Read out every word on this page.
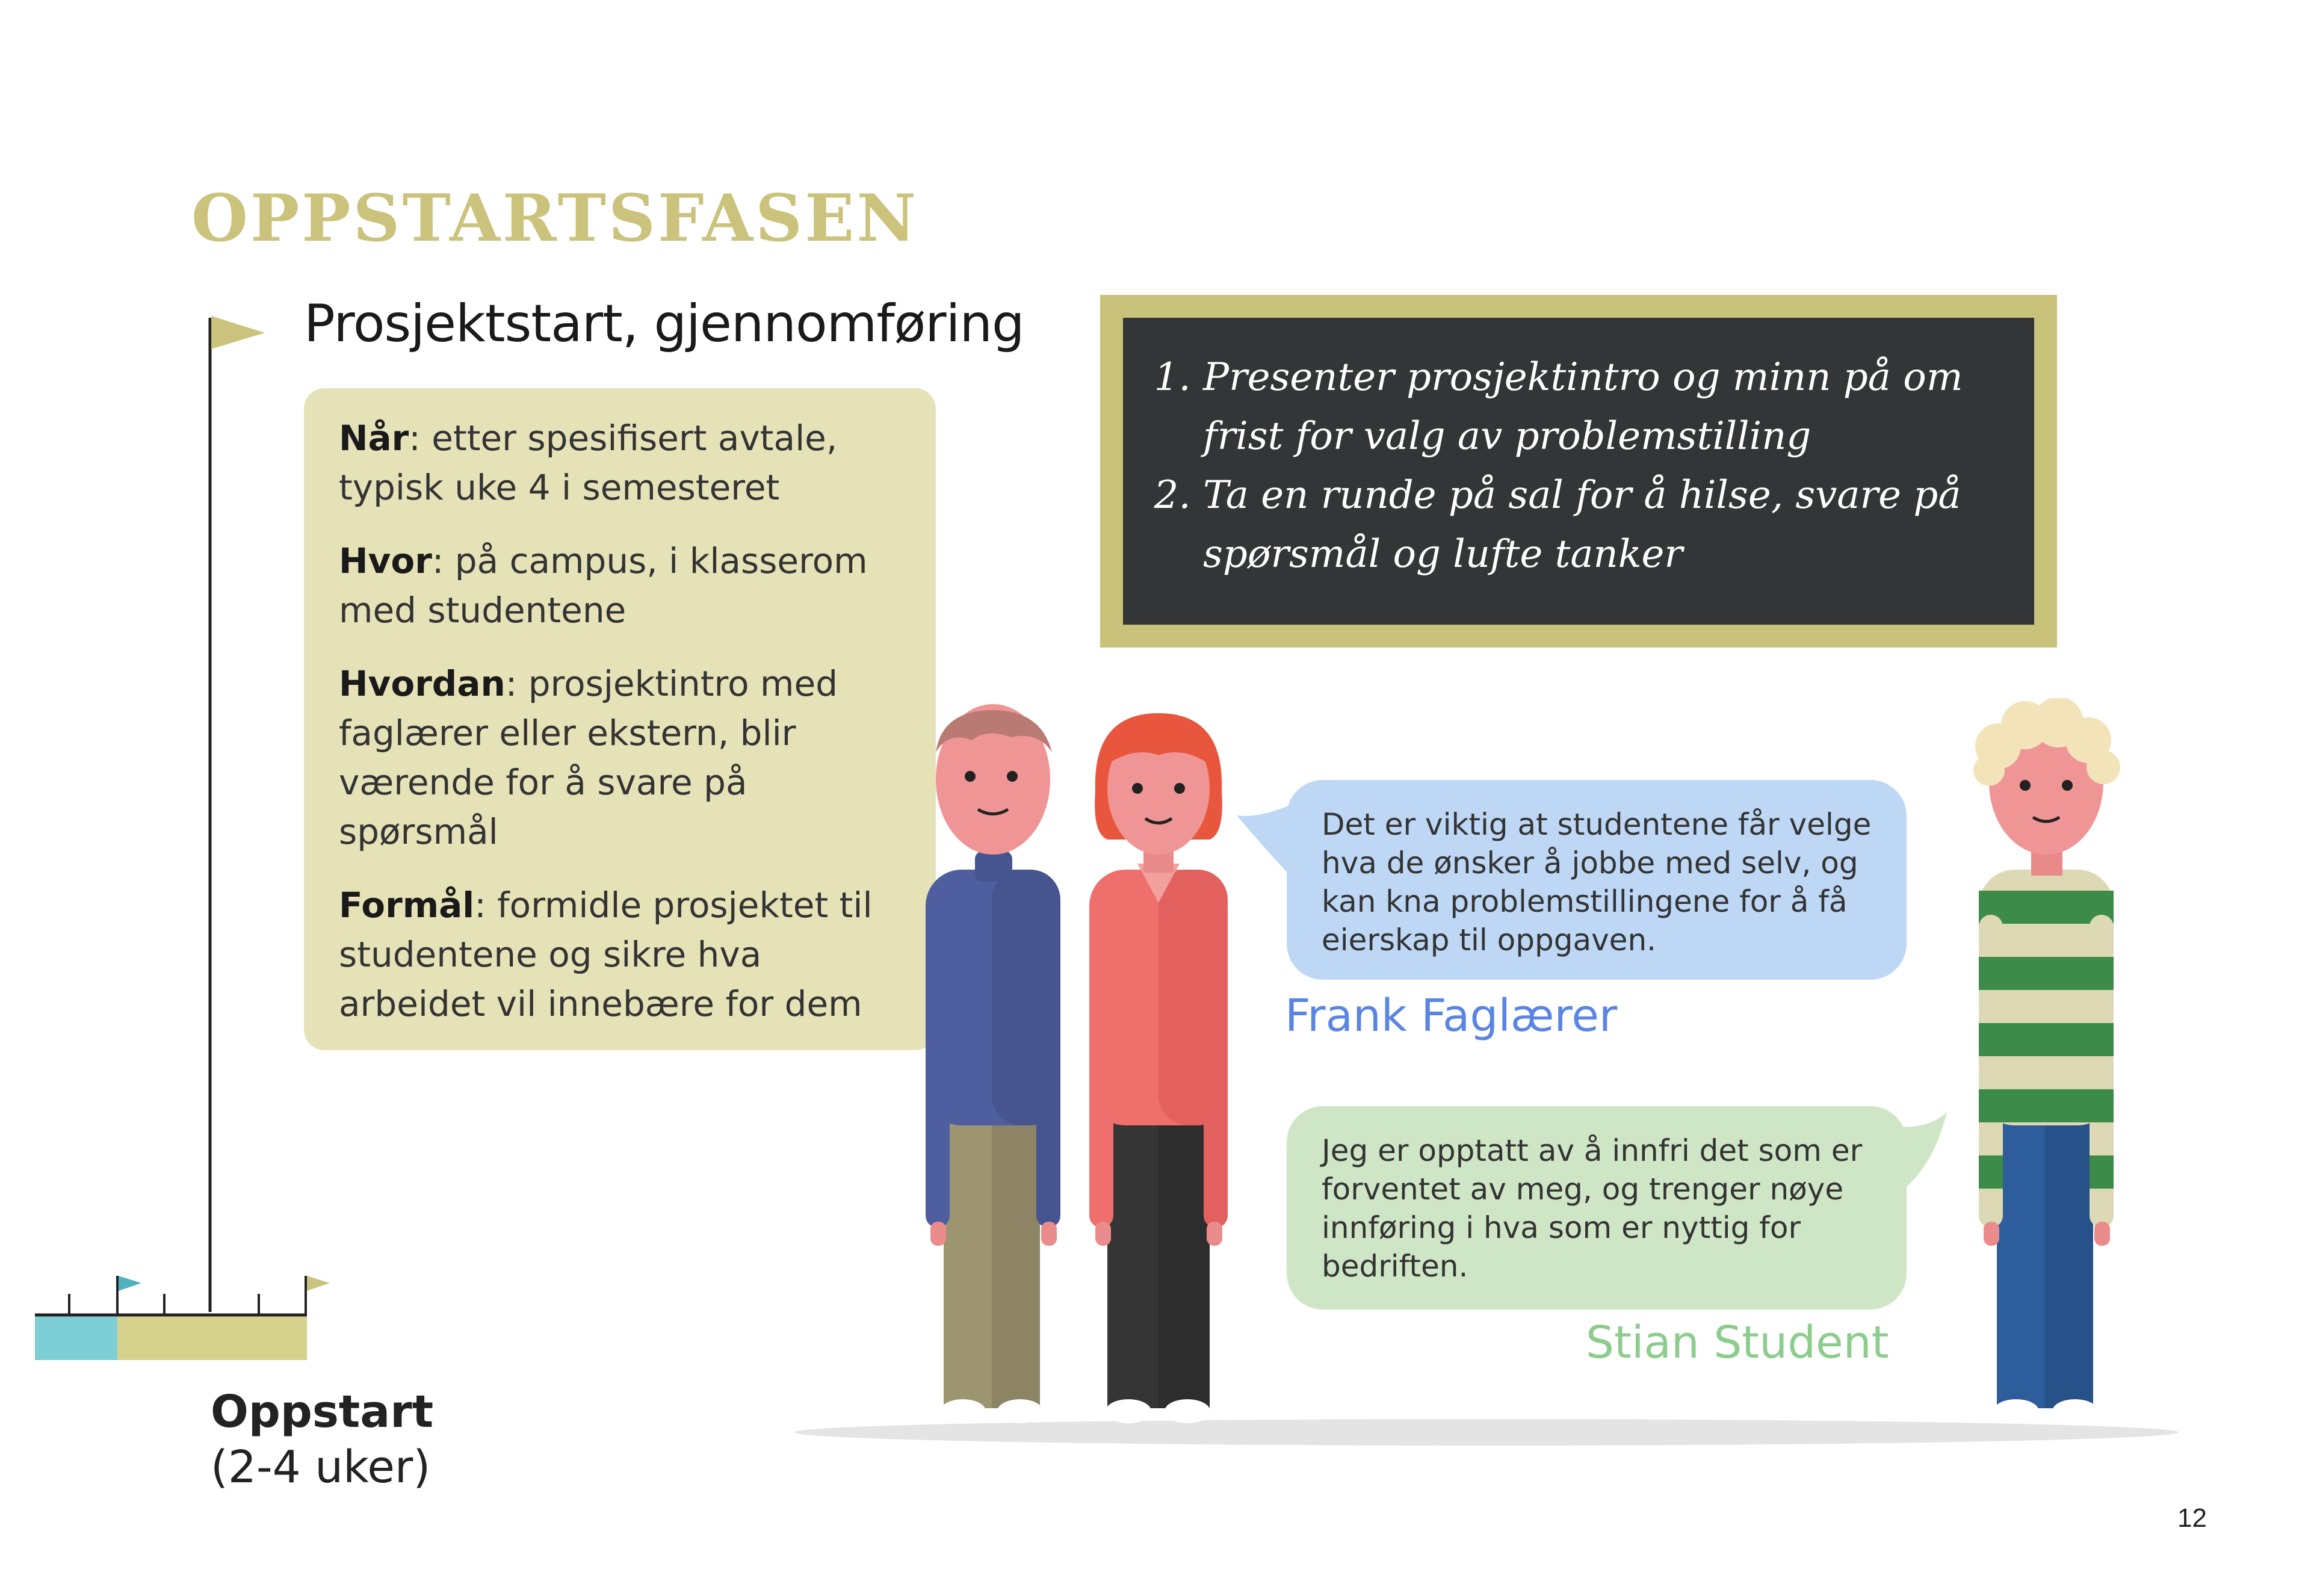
OPPSTARTSFASEN
Prosjektstart, gjennomføring

Når: etter spesifisert avtale, typisk uke 4 i semesteret

Hvor: på campus, i klasserom med studentene

Hvordan: prosjektintro med faglærer eller ekstern, blir værende for å svare på spørsmål

Formål: formidle prosjektet til studentene og sikre hva arbeidet vil innebære for dem

1. Presenter prosjektintro og minn på om frist for valg av problemstilling
2. Ta en runde på sal for å hilse, svare på spørsmål og lufte tanker
Det er viktig at studentene får velge hva de ønsker å jobbe med selv, og kan kna problemstillingene for å få eierskap til oppgaven.
Frank Faglærer
Jeg er opptatt av å innfri det som er forventet av meg, og trenger nøye innføring i hva som er nyttig for bedriften.
Stian Student
Oppstart
(2-4 uker)
12
